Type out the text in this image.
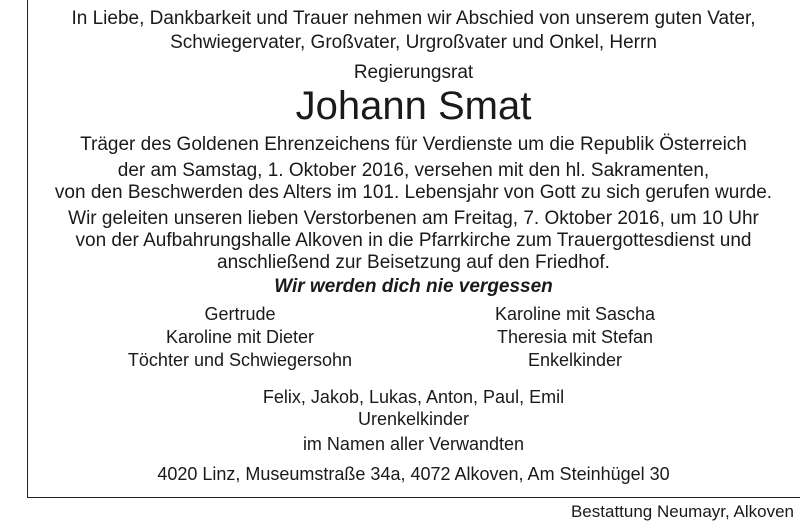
In Liebe, Dankbarkeit und Trauer nehmen wir Abschied von unserem guten Vater,
Schwiegervater, Großvater, Urgroßvater und Onkel, Herrn
Regierungsrat
Johann Smat
Träger des Goldenen Ehrenzeichens für Verdienste um die Republik Österreich
der am Samstag, 1. Oktober 2016, versehen mit den hl. Sakramenten,
von den Beschwerden des Alters im 101. Lebensjahr von Gott zu sich gerufen wurde.
Wir geleiten unseren lieben Verstorbenen am Freitag, 7. Oktober 2016, um 10 Uhr
von der Aufbahrungshalle Alkoven in die Pfarrkirche zum Trauergottesdienst und
anschließend zur Beisetzung auf den Friedhof.
Wir werden dich nie vergessen
Gertrude
Karoline mit Dieter
Töchter und Schwiegersohn
Karoline mit Sascha
Theresia mit Stefan
Enkelkinder
Felix, Jakob, Lukas, Anton, Paul, Emil
Urenkelkinder
im Namen aller Verwandten
4020 Linz, Museumstraße 34a, 4072 Alkoven, Am Steinhügel 30
Bestattung Neumayr, Alkoven
